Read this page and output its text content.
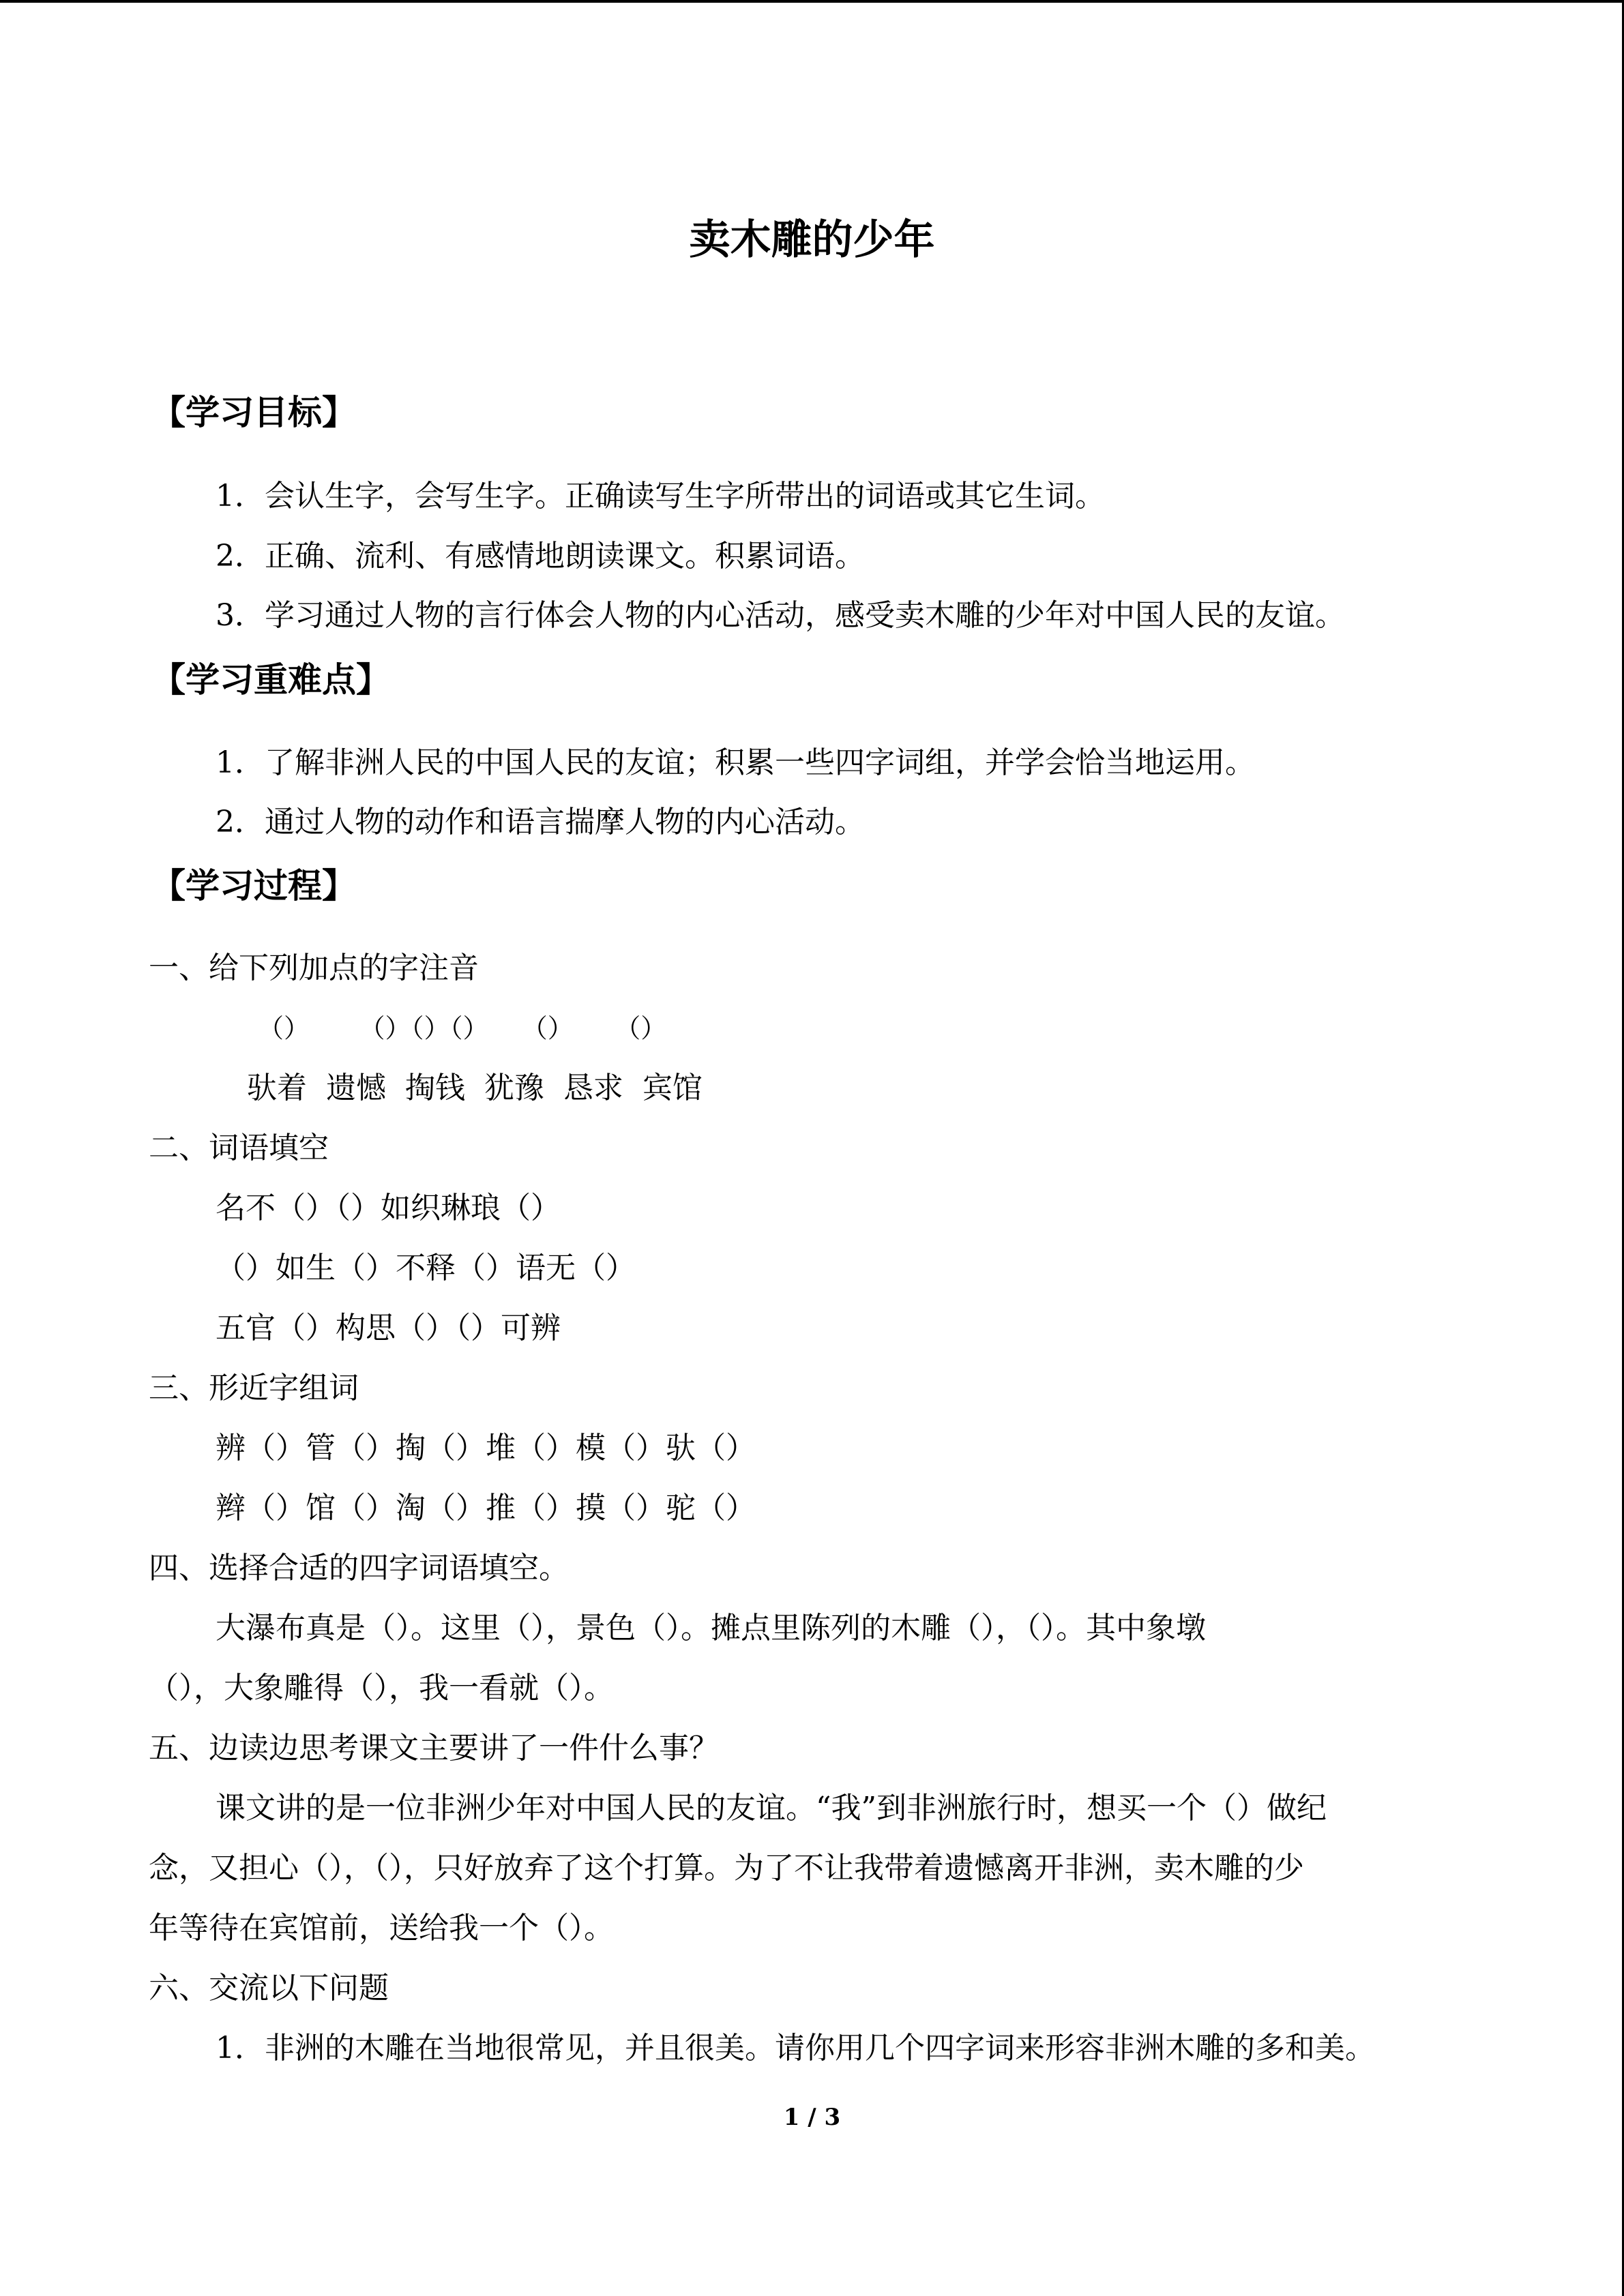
卖木雕的少年
【学习目标】
1．会认生字，会写生字。正确读写生字所带出的词语或其它生词。
2．正确、流利、有感情地朗读课文。积累词语。
3．学习通过人物的言行体会人物的内心活动，感受卖木雕的少年对中国人民的友谊。
【学习重难点】
1．了解非洲人民的中国人民的友谊；积累一些四字词组，并学会恰当地运用。
2．通过人物的动作和语言揣摩人物的内心活动。
【学习过程】
一、给下列加点的字注音
（）      （）（）（）    （）     （）
驮着  遗憾  掏钱  犹豫  恳求  宾馆
二、词语填空
名不（）（）如织琳琅（）
（）如生（）不释（）语无（）
五官（）构思（）（）可辨
三、形近字组词
辨（）管（）掏（）堆（）模（）驮（）
辫（）馆（）淘（）推（）摸（）驼（）
四、选择合适的四字词语填空。
大瀑布真是（）。这里（），景色（）。摊点里陈列的木雕（），（）。其中象墩
（），大象雕得（），我一看就（）。
五、边读边思考课文主要讲了一件什么事？
课文讲的是一位非洲少年对中国人民的友谊。“我”到非洲旅行时，想买一个（）做纪
念，又担心（），（），只好放弃了这个打算。为了不让我带着遗憾离开非洲，卖木雕的少
年等待在宾馆前，送给我一个（）。
六、交流以下问题
1．非洲的木雕在当地很常见，并且很美。请你用几个四字词来形容非洲木雕的多和美。
1 / 3
